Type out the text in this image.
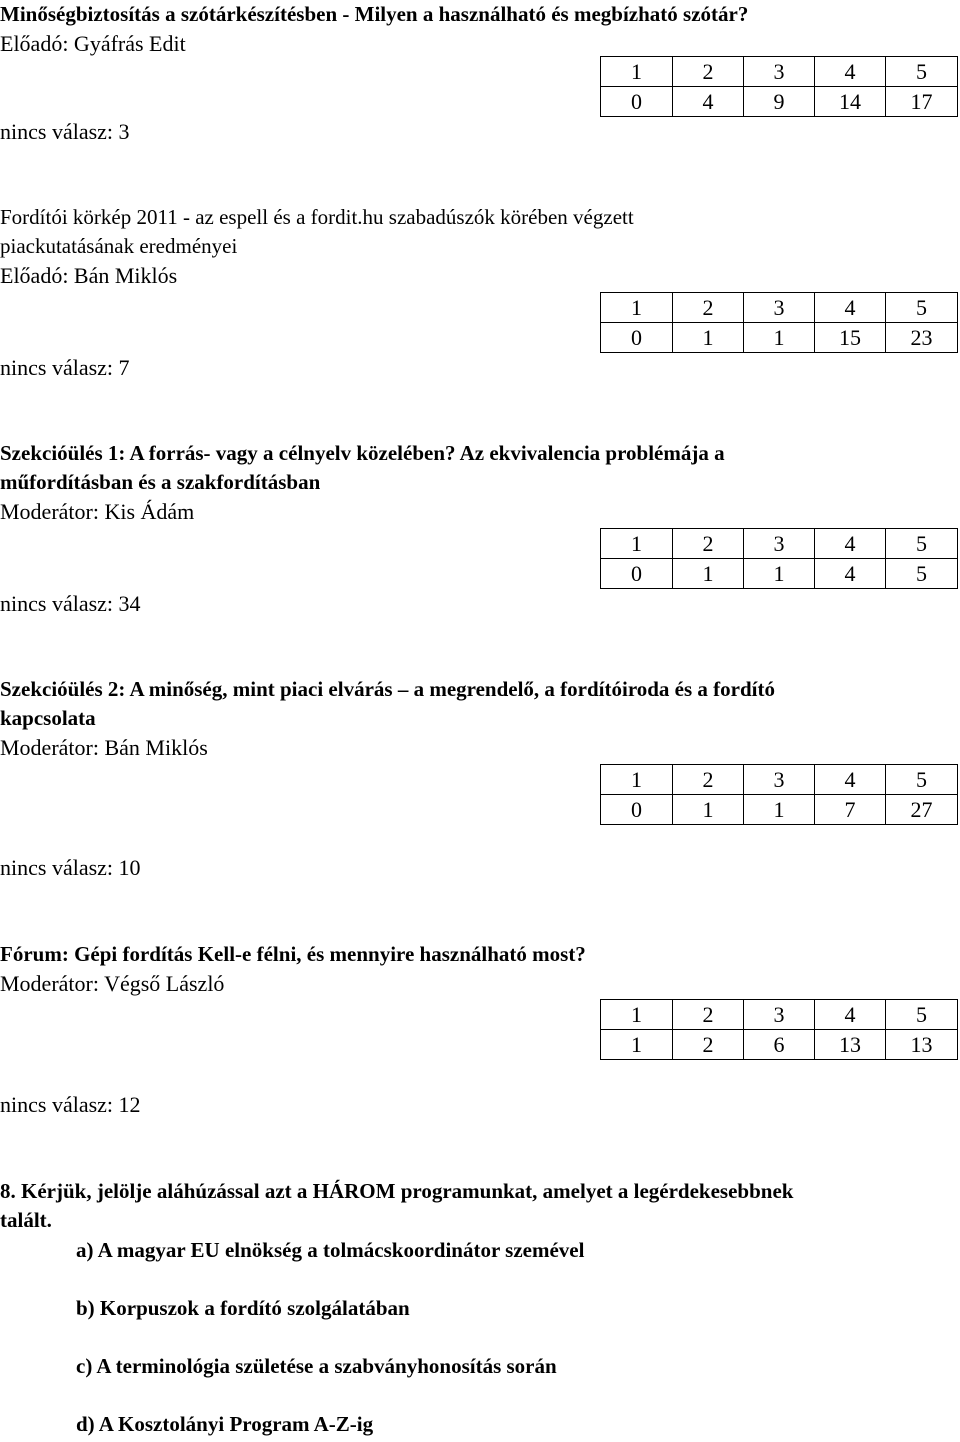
Minőségbiztosítás a szótárkészítésben - Milyen a használható és megbízható szótár?

Előadó: Gyáfrás Edit

1	2	3	4	5
0	4	9	14	17
nincs válasz: 3

Fordítói körkép 2011 - az espell és a fordit.hu szabadúszók körében végzett
piackutatásának eredményei

Előadó: Bán Miklós

1	2	3	4	5
0	1	1	15	23
nincs válasz: 7

Szekcióülés 1: A forrás- vagy a célnyelv közelében? Az ekvivalencia problémája a
műfordításban és a szakfordításban

Moderátor: Kis Ádám

1	2	3	4	5
0	1	1	4	5
nincs válasz: 34

Szekcióülés 2: A minőség, mint piaci elvárás – a megrendelő, a fordítóiroda és a fordító
kapcsolata

Moderátor: Bán Miklós

1	2	3	4	5
0	1	1	7	27
nincs válasz: 10

Fórum: Gépi fordítás Kell-e félni, és mennyire használható most?

Moderátor: Végső László

1	2	3	4	5
1	2	6	13	13
nincs válasz: 12

8. Kérjük, jelölje aláhúzással azt a HÁROM programunkat, amelyet a legérdekesebbnek talált.

a) A magyar EU elnökség a tolmácskoordinátor szemével
b) Korpuszok a fordító szolgálatában
c) A terminológia születése a szabványhonosítás során
d) A Kosztolányi Program A-Z-ig
